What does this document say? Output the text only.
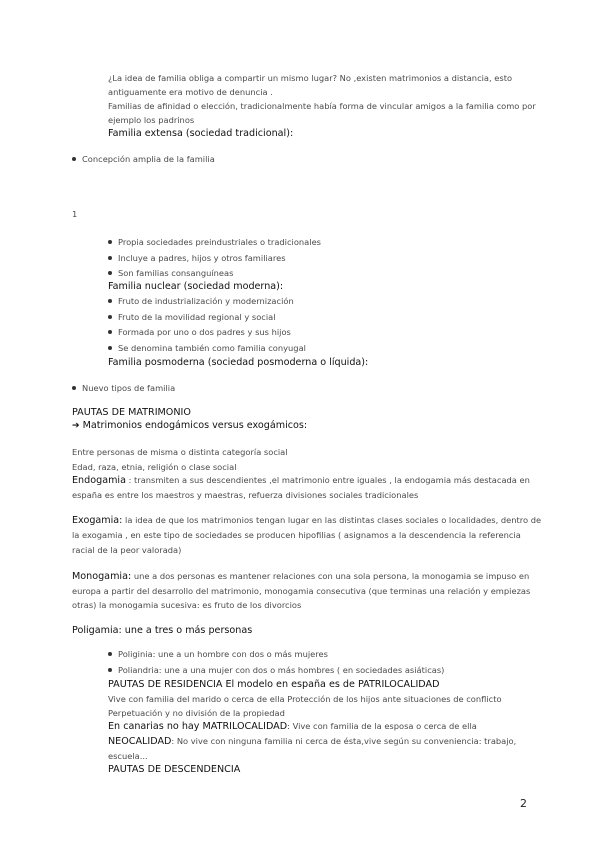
¿La idea de familia obliga a compartir un mismo lugar? No ,existen matrimonios a distancia, esto

antiguamente era motivo de denuncia .

Familias de afinidad o elección, tradicionalmente había forma de vincular amigos a la familia como por

ejemplo los padrinos

Familia extensa (sociedad tradicional):

Concepción amplia de la familia

1

Propia sociedades preindustriales o tradicionales

Incluye a padres, hijos y otros familiares

Son familias consanguíneas

Familia nuclear (sociedad moderna):

Fruto de industrialización y modernización

Fruto de la movilidad regional y social

Formada por uno o dos padres y sus hijos

Se denomina también como familia conyugal

Familia posmoderna (sociedad posmoderna o líquida):

Nuevo tipos de familia

PAUTAS DE MATRIMONIO

➔ Matrimonios endogámicos versus exogámicos:

Entre personas de misma o distinta categoría social

Edad, raza, etnia, religión o clase social

Endogamia : transmiten a sus descendientes ,el matrimonio entre iguales , la endogamia más destacada en

españa es entre los maestros y maestras, refuerza divisiones sociales tradicionales

Exogamia: la idea de que los matrimonios tengan lugar en las distintas clases sociales o localidades, dentro de

la exogamia , en este tipo de sociedades se producen hipofilias ( asignamos a la descendencia la referencia

racial de la peor valorada)

Monogamia: une a dos personas es mantener relaciones con una sola persona, la monogamia se impuso en

europa a partir del desarrollo del matrimonio, monogamia consecutiva (que terminas una relación y empiezas

otras) la monogamia sucesiva: es fruto de los divorcios

Poligamia: une a tres o más personas

Poliginia: une a un hombre con dos o más mujeres

Poliandria: une a una mujer con dos o más hombres ( en sociedades asiáticas)

PAUTAS DE RESIDENCIA El modelo en españa es de PATRILOCALIDAD

Vive con familia del marido o cerca de ella Protección de los hijos ante situaciones de conflicto

Perpetuación y no división de la propiedad

En canarias no hay MATRILOCALIDAD: Vive con familia de la esposa o cerca de ella

NEOCALIDAD: No vive con ninguna familia ni cerca de ésta,vive según su conveniencia: trabajo,

escuela...

PAUTAS DE DESCENDENCIA

2
